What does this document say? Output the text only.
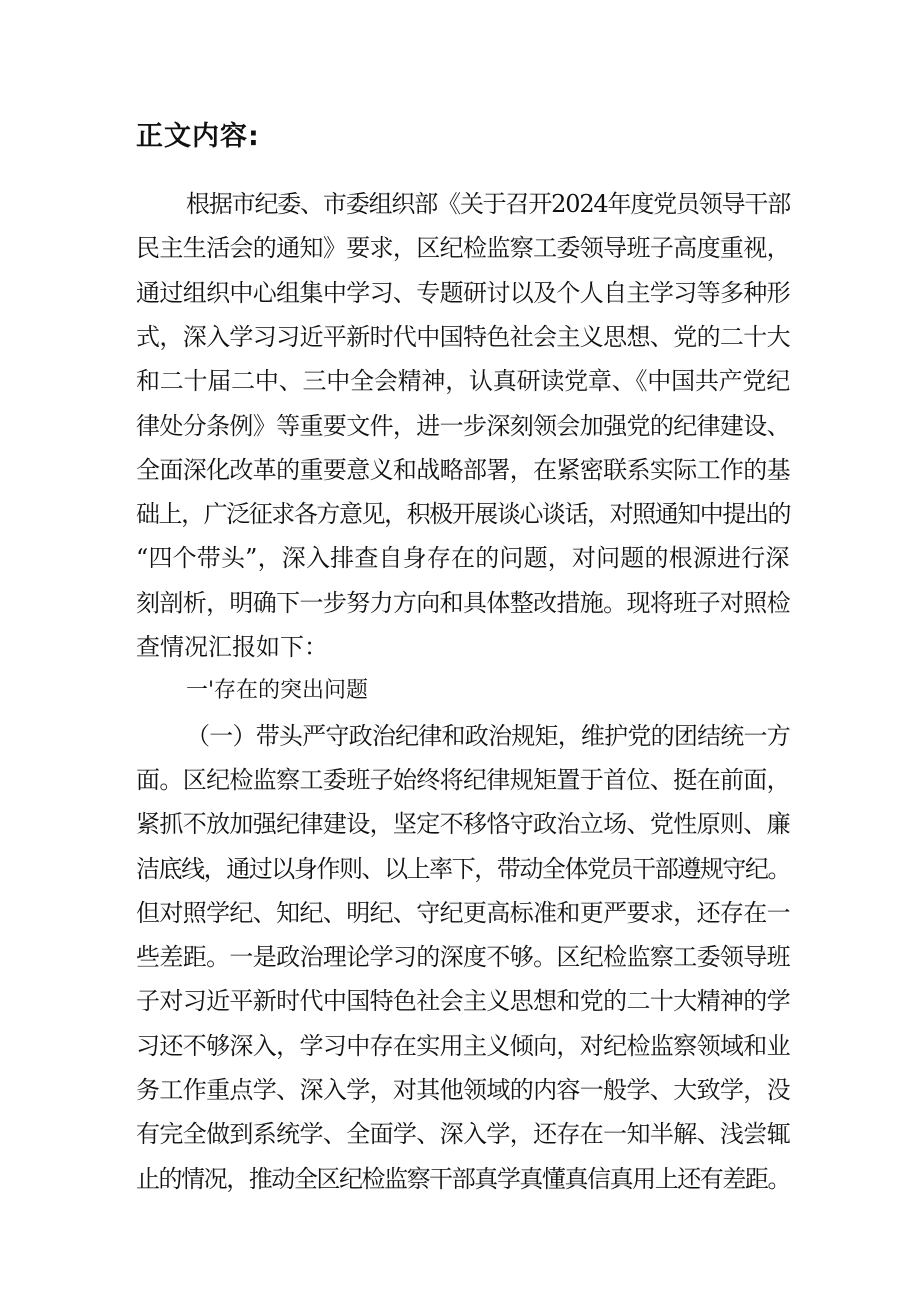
正文内容:
根据市纪委、市委组织部《关于召开2024年度党员领导干部
民主生活会的通知》要求，区纪检监察工委领导班子高度重视，
通过组织中心组集中学习、专题研讨以及个人自主学习等多种形
式，深入学习习近平新时代中国特色社会主义思想、党的二十大
和二十届二中、三中全会精神，认真研读党章、《中国共产党纪
律处分条例》等重要文件，进一步深刻领会加强党的纪律建设、
全面深化改革的重要意义和战略部署，在紧密联系实际工作的基
础上，广泛征求各方意见，积极开展谈心谈话，对照通知中提出的
“四个带头”，深入排查自身存在的问题，对问题的根源进行深
刻剖析，明确下一步努力方向和具体整改措施。现将班子对照检
查情况汇报如下：
一'存在的突出问题
（一）带头严守政治纪律和政治规矩，维护党的团结统一方
面。区纪检监察工委班子始终将纪律规矩置于首位、挺在前面，
紧抓不放加强纪律建设，坚定不移恪守政治立场、党性原则、廉
洁底线，通过以身作则、以上率下，带动全体党员干部遵规守纪。
但对照学纪、知纪、明纪、守纪更高标准和更严要求，还存在一
些差距。一是政治理论学习的深度不够。区纪检监察工委领导班
子对习近平新时代中国特色社会主义思想和党的二十大精神的学
习还不够深入，学习中存在实用主义倾向，对纪检监察领域和业
务工作重点学、深入学，对其他领域的内容一般学、大致学，没
有完全做到系统学、全面学、深入学，还存在一知半解、浅尝辄
止的情况，推动全区纪检监察干部真学真懂真信真用上还有差距。
